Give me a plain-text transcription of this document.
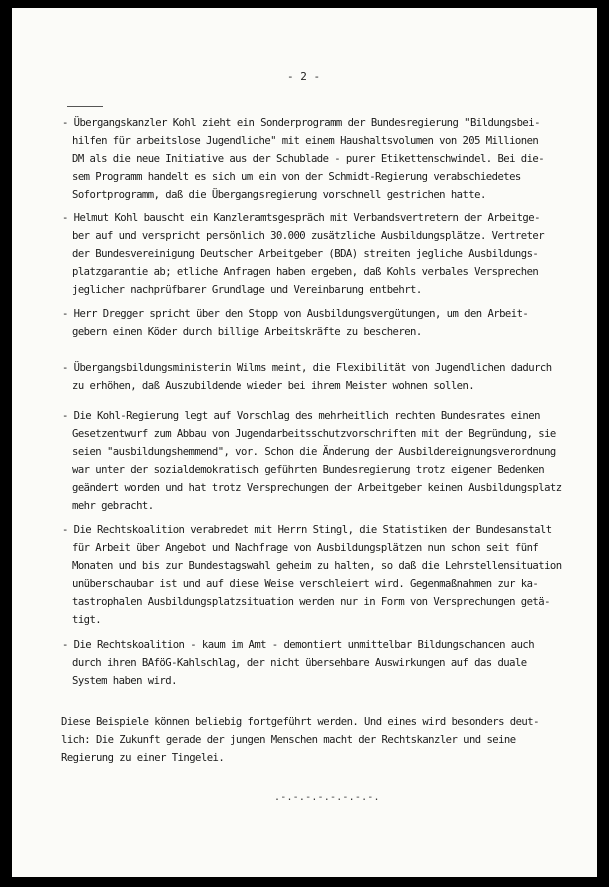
- 2 -

- Übergangskanzler Kohl zieht ein Sonderprogramm der Bundesregierung "Bildungsbei-
hilfen für arbeitslose Jugendliche" mit einem Haushaltsvolumen von 205 Millionen
DM als die neue Initiative aus der Schublade - purer Etikettenschwindel. Bei die-
sem Programm handelt es sich um ein von der Schmidt-Regierung verabschiedetes
Sofortprogramm, daß die Übergangsregierung vorschnell gestrichen hatte.
- Helmut Kohl bauscht ein Kanzleramtsgespräch mit Verbandsvertretern der Arbeitge-
ber auf und verspricht persönlich 30.000 zusätzliche Ausbildungsplätze. Vertreter
der Bundesvereinigung Deutscher Arbeitgeber (BDA) streiten jegliche Ausbildungs-
platzgarantie ab; etliche Anfragen haben ergeben, daß Kohls verbales Versprechen
jeglicher nachprüfbarer Grundlage und Vereinbarung entbehrt.
- Herr Dregger spricht über den Stopp von Ausbildungsvergütungen, um den Arbeit-
gebern einen Köder durch billige Arbeitskräfte zu bescheren.
- Übergangsbildungsministerin Wilms meint, die Flexibilität von Jugendlichen dadurch
zu erhöhen, daß Auszubildende wieder bei ihrem Meister wohnen sollen.
- Die Kohl-Regierung legt auf Vorschlag des mehrheitlich rechten Bundesrates einen
Gesetzentwurf zum Abbau von Jugendarbeitsschutzvorschriften mit der Begründung, sie
seien "ausbildungshemmend", vor. Schon die Änderung der Ausbildereignungsverordnung
war unter der sozialdemokratisch geführten Bundesregierung trotz eigener Bedenken
geändert worden und hat trotz Versprechungen der Arbeitgeber keinen Ausbildungsplatz
mehr gebracht.
- Die Rechtskoalition verabredet mit Herrn Stingl, die Statistiken der Bundesanstalt
für Arbeit über Angebot und Nachfrage von Ausbildungsplätzen nun schon seit fünf
Monaten und bis zur Bundestagswahl geheim zu halten, so daß die Lehrstellensituation
unüberschaubar ist und auf diese Weise verschleiert wird. Gegenmaßnahmen zur ka-
tastrophalen Ausbildungsplatzsituation werden nur in Form von Versprechungen getä-
tigt.
- Die Rechtskoalition - kaum im Amt - demontiert unmittelbar Bildungschancen auch
durch ihren BAföG-Kahlschlag, der nicht übersehbare Auswirkungen auf das duale
System haben wird.
Diese Beispiele können beliebig fortgeführt werden. Und eines wird besonders deut-
lich: Die Zukunft gerade der jungen Menschen macht der Rechtskanzler und seine
Regierung zu einer Tingelei.

.-.-.-.-.-.-.-.-.
